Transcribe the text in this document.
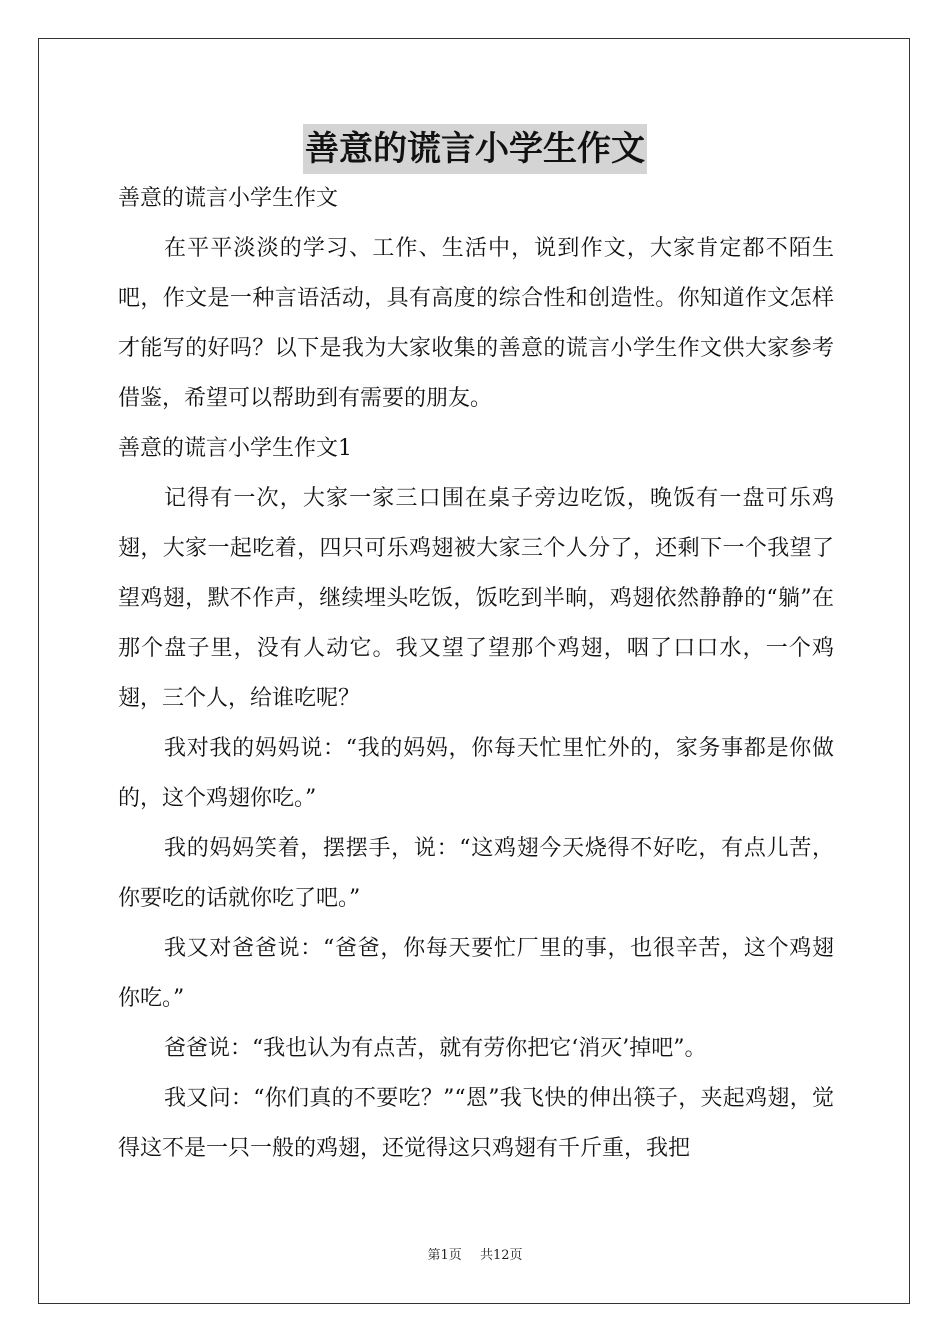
善意的谎言小学生作文

善意的谎言小学生作文

在平平淡淡的学习、工作、生活中，说到作文，大家肯定都不陌生吧，作文是一种言语活动，具有高度的综合性和创造性。你知道作文怎样才能写的好吗？以下是我为大家收集的善意的谎言小学生作文供大家参考借鉴，希望可以帮助到有需要的朋友。

善意的谎言小学生作文1

记得有一次，大家一家三口围在桌子旁边吃饭，晚饭有一盘可乐鸡翅，大家一起吃着，四只可乐鸡翅被大家三个人分了，还剩下一个我望了望鸡翅，默不作声，继续埋头吃饭，饭吃到半晌，鸡翅依然静静的“躺”在那个盘子里，没有人动它。我又望了望那个鸡翅，咽了口口水，一个鸡翅，三个人，给谁吃呢？

我对我的妈妈说：“我的妈妈，你每天忙里忙外的，家务事都是你做的，这个鸡翅你吃。”

我的妈妈笑着，摆摆手，说：“这鸡翅今天烧得不好吃，有点儿苦，你要吃的话就你吃了吧。”

我又对爸爸说：“爸爸，你每天要忙厂里的事，也很辛苦，这个鸡翅你吃。”

爸爸说：“我也认为有点苦，就有劳你把它‘消灭’掉吧”。

我又问：“你们真的不要吃？”“恩”我飞快的伸出筷子，夹起鸡翅，觉得这不是一只一般的鸡翅，还觉得这只鸡翅有千斤重，我把

第1页 共12页
